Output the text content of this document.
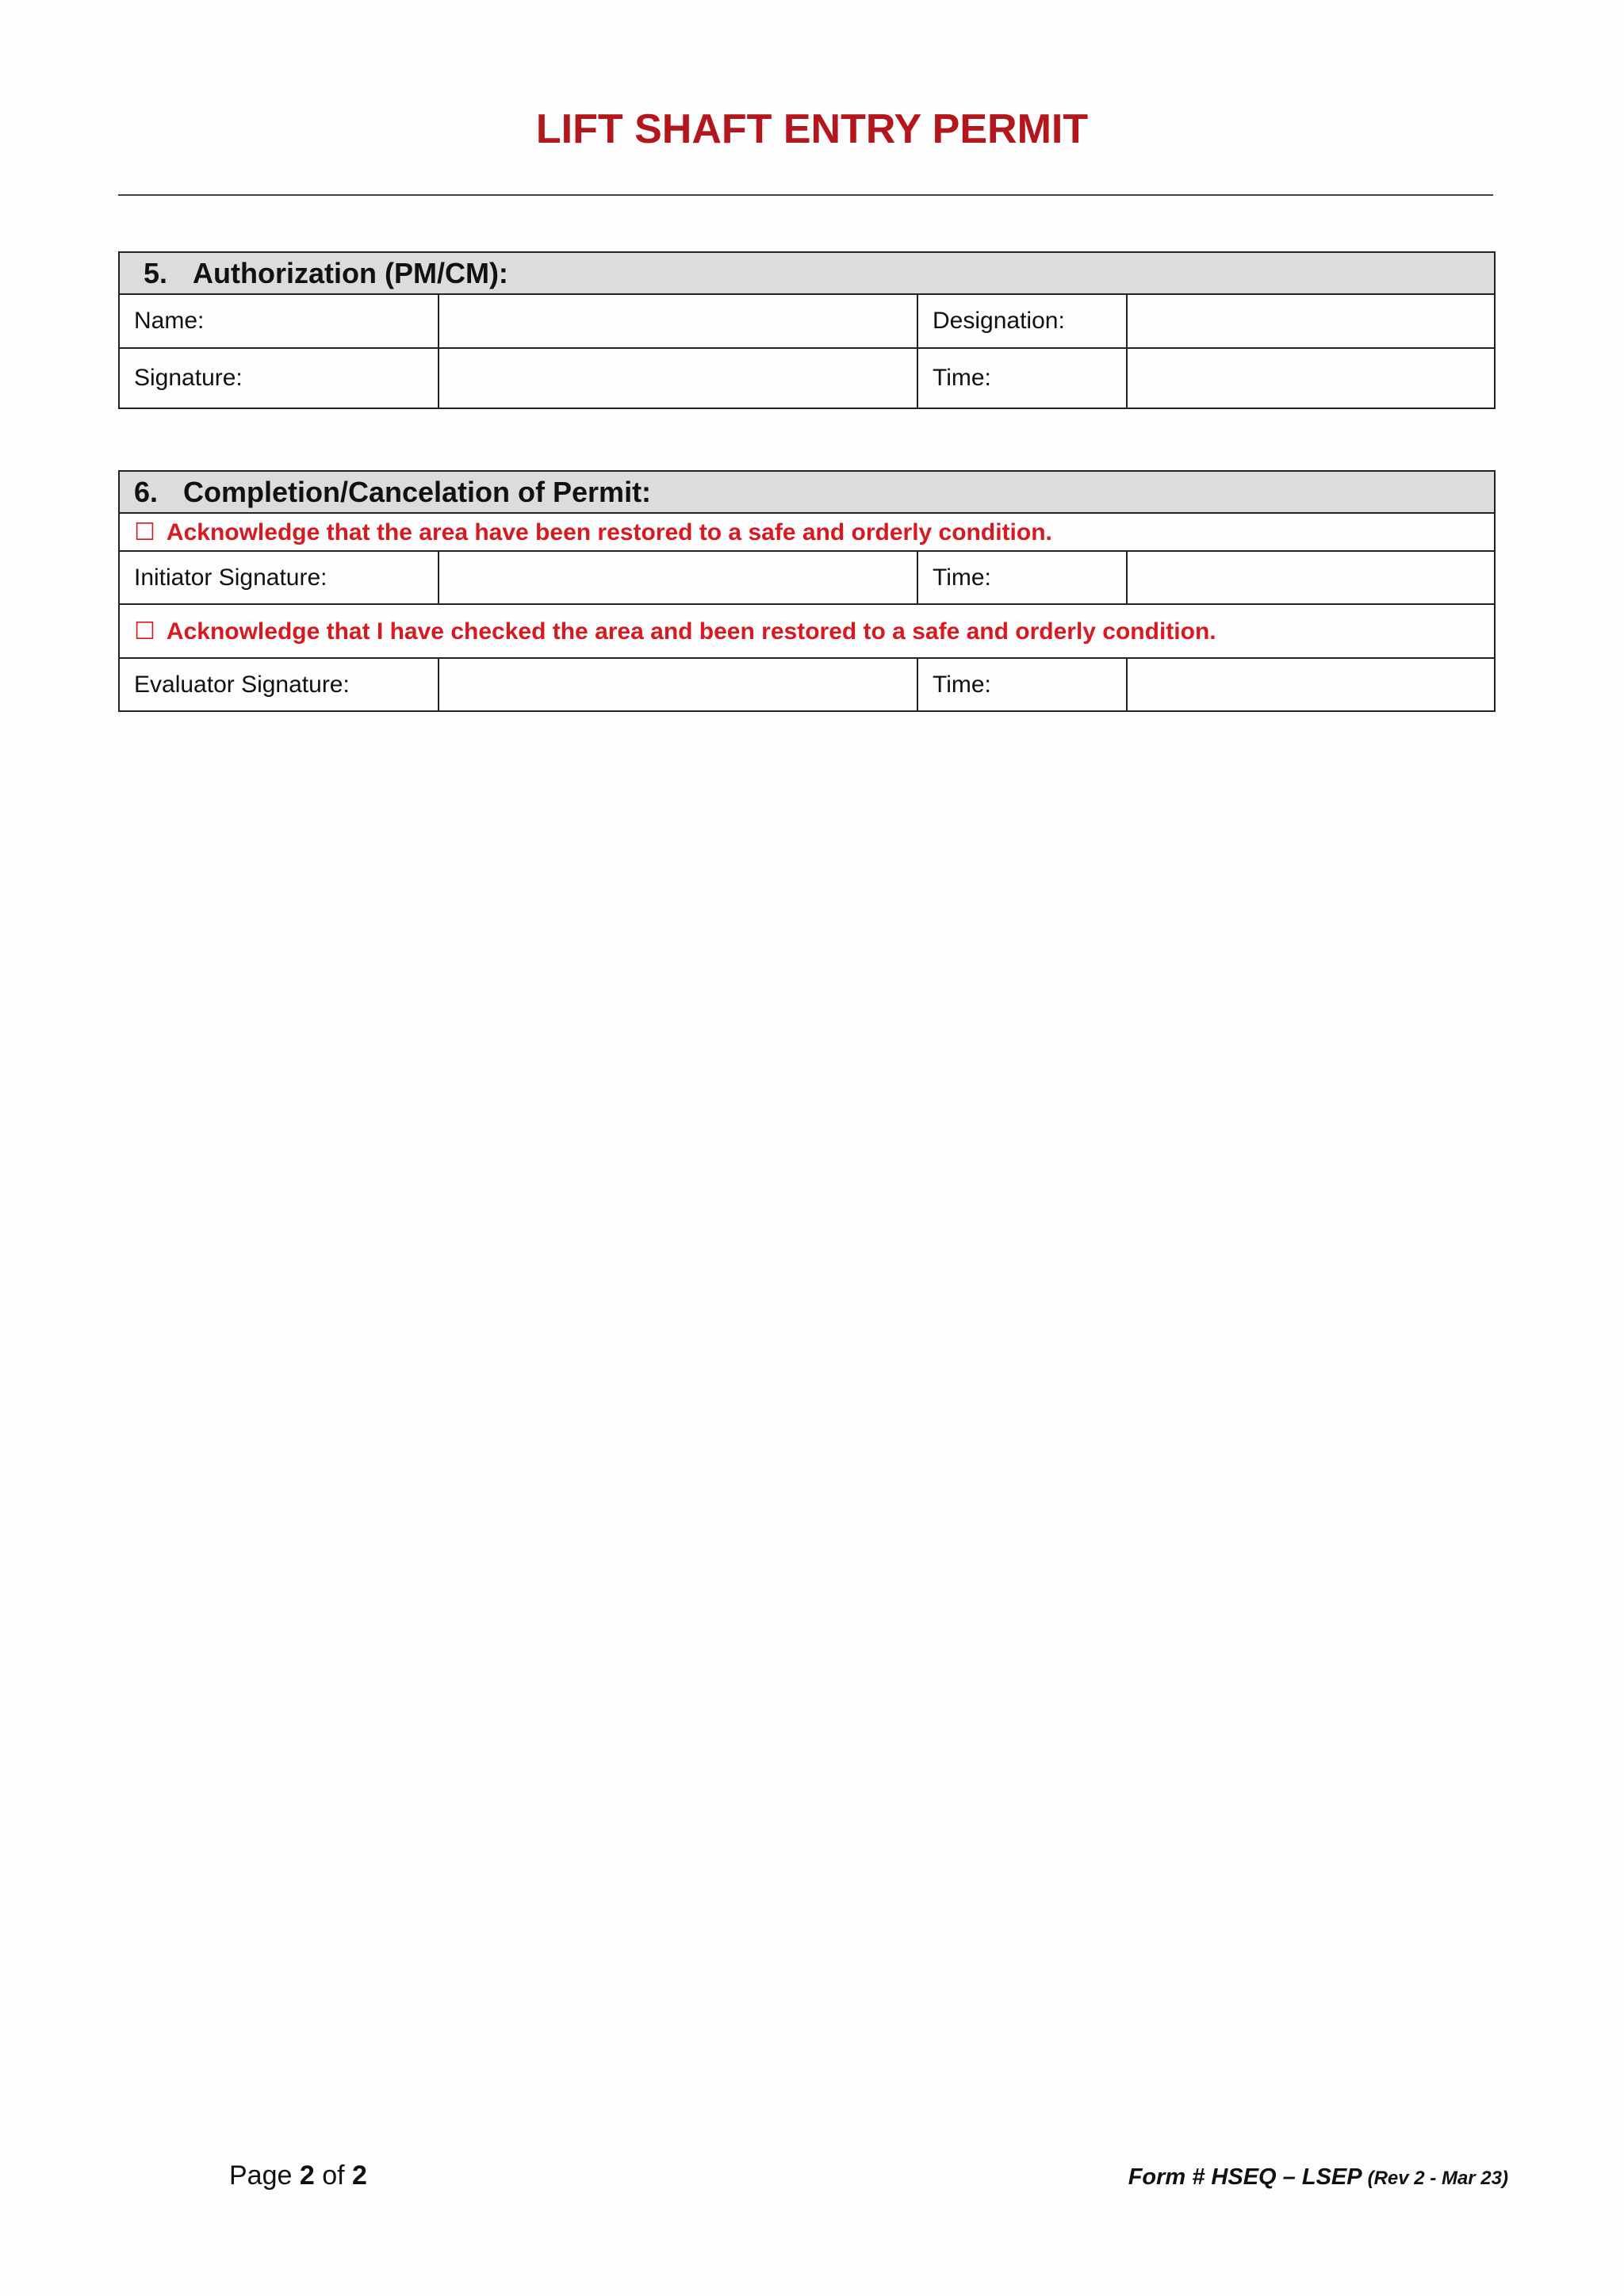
LIFT SHAFT ENTRY PERMIT
5. Authorization (PM/CM):			
Name:		Designation:	
Signature:		Time:	
6. Completion/Cancelation of Permit:			
☐ Acknowledge that the area have been restored to a safe and orderly condition.			
Initiator Signature:		Time:	
☐ Acknowledge that I have checked the area and been restored to a safe and orderly condition.			
Evaluator Signature:		Time:	
Page 2 of 2	Form # HSEQ – LSEP (Rev 2 - Mar 23)
